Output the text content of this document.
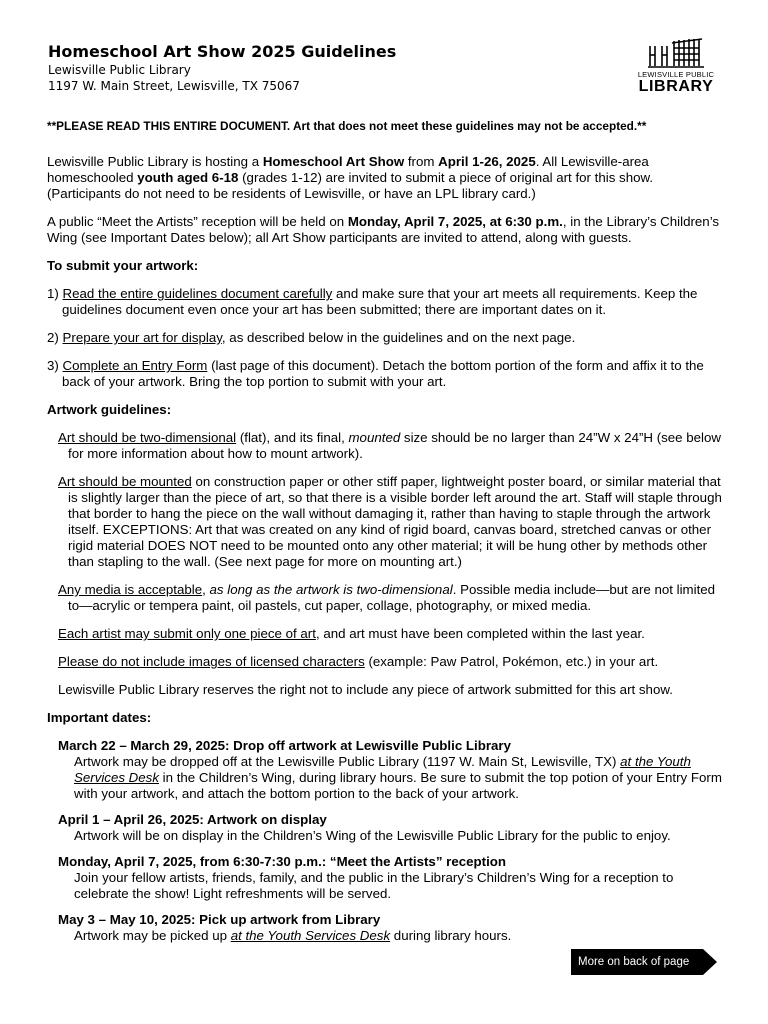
Homeschool Art Show 2025 Guidelines
Lewisville Public Library
1197 W. Main Street, Lewisville, TX 75067
LEWISVILLE PUBLIC
LIBRARY
**PLEASE READ THIS ENTIRE DOCUMENT. Art that does not meet these guidelines may not be accepted.**

Lewisville Public Library is hosting a Homeschool Art Show from April 1-26, 2025. All Lewisville-area homeschooled youth aged 6-18 (grades 1-12) are invited to submit a piece of original art for this show. (Participants do not need to be residents of Lewisville, or have an LPL library card.)

A public “Meet the Artists” reception will be held on Monday, April 7, 2025, at 6:30 p.m., in the Library’s Children’s Wing (see Important Dates below); all Art Show participants are invited to attend, along with guests.

To submit your artwork:
1) Read the entire guidelines document carefully and make sure that your art meets all requirements. Keep the guidelines document even once your art has been submitted; there are important dates on it.
2) Prepare your art for display, as described below in the guidelines and on the next page.
3) Complete an Entry Form (last page of this document). Detach the bottom portion of the form and affix it to the back of your artwork. Bring the top portion to submit with your art.
Artwork guidelines:
Art should be two-dimensional (flat), and its final, mounted size should be no larger than 24”W x 24”H (see below for more information about how to mount artwork).
Art should be mounted on construction paper or other stiff paper, lightweight poster board, or similar material that is slightly larger than the piece of art, so that there is a visible border left around the art. Staff will staple through that border to hang the piece on the wall without damaging it, rather than having to staple through the artwork itself. EXCEPTIONS: Art that was created on any kind of rigid board, canvas board, stretched canvas or other rigid material DOES NOT need to be mounted onto any other material; it will be hung other by methods other than stapling to the wall. (See next page for more on mounting art.)
Any media is acceptable, as long as the artwork is two-dimensional. Possible media include—but are not limited to—acrylic or tempera paint, oil pastels, cut paper, collage, photography, or mixed media.
Each artist may submit only one piece of art, and art must have been completed within the last year.
Please do not include images of licensed characters (example: Paw Patrol, Pokémon, etc.) in your art.
Lewisville Public Library reserves the right not to include any piece of artwork submitted for this art show.
Important dates:
March 22 – March 29, 2025: Drop off artwork at Lewisville Public Library
Artwork may be dropped off at the Lewisville Public Library (1197 W. Main St, Lewisville, TX) at the Youth Services Desk in the Children’s Wing, during library hours. Be sure to submit the top potion of your Entry Form with your artwork, and attach the bottom portion to the back of your artwork.
April 1 – April 26, 2025: Artwork on display
Artwork will be on display in the Children’s Wing of the Lewisville Public Library for the public to enjoy.
Monday, April 7, 2025, from 6:30-7:30 p.m.: “Meet the Artists” reception
Join your fellow artists, friends, family, and the public in the Library’s Children’s Wing for a reception to celebrate the show! Light refreshments will be served.
May 3 – May 10, 2025: Pick up artwork from Library
Artwork may be picked up at the Youth Services Desk during library hours.
More on back of page
